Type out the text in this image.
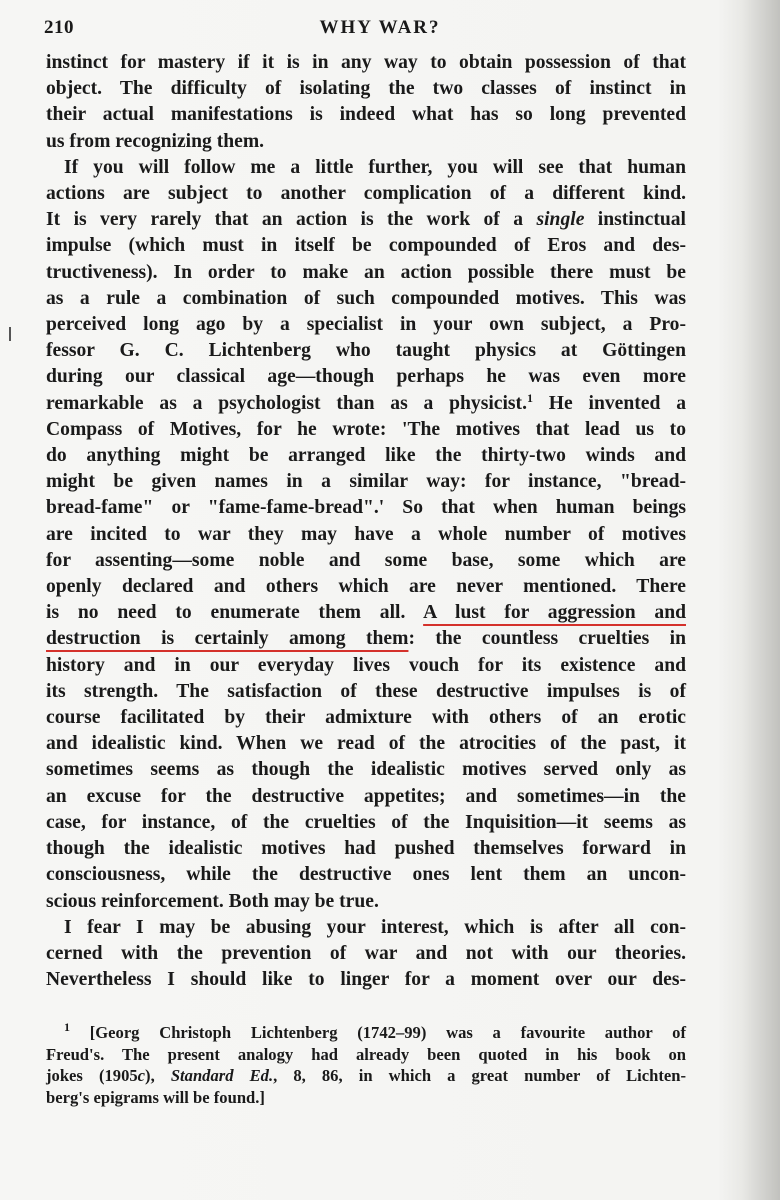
210	WHY WAR?
instinct for mastery if it is in any way to obtain possession of that
object. The difficulty of isolating the two classes of instinct in
their actual manifestations is indeed what has so long prevented
us from recognizing them.
If you will follow me a little further, you will see that human
actions are subject to another complication of a different kind.
It is very rarely that an action is the work of a single instinctual
impulse (which must in itself be compounded of Eros and des-
tructiveness). In order to make an action possible there must be
as a rule a combination of such compounded motives. This was
perceived long ago by a specialist in your own subject, a Pro-
fessor G. C. Lichtenberg who taught physics at Göttingen
during our classical age—though perhaps he was even more
remarkable as a psychologist than as a physicist.$^1$ He invented a
Compass of Motives, for he wrote: 'The motives that lead us to
do anything might be arranged like the thirty-two winds and
might be given names in a similar way: for instance, "bread-
bread-fame" or "fame-fame-bread".' So that when human beings
are incited to war they may have a whole number of motives
for assenting—some noble and some base, some which are
openly declared and others which are never mentioned. There
is no need to enumerate them all. A lust for aggression and
destruction is certainly among them: the countless cruelties in
history and in our everyday lives vouch for its existence and
its strength. The satisfaction of these destructive impulses is of
course facilitated by their admixture with others of an erotic
and idealistic kind. When we read of the atrocities of the past, it
sometimes seems as though the idealistic motives served only as
an excuse for the destructive appetites; and sometimes—in the
case, for instance, of the cruelties of the Inquisition—it seems as
though the idealistic motives had pushed themselves forward in
consciousness, while the destructive ones lent them an uncon-
scious reinforcement. Both may be true.
I fear I may be abusing your interest, which is after all con-
cerned with the prevention of war and not with our theories.
Nevertheless I should like to linger for a moment over our des-
$^1$ [Georg Christoph Lichtenberg (1742–99) was a favourite author of
Freud's. The present analogy had already been quoted in his book on
jokes (1905c), Standard Ed., 8, 86, in which a great number of Lichten-
berg's epigrams will be found.]
